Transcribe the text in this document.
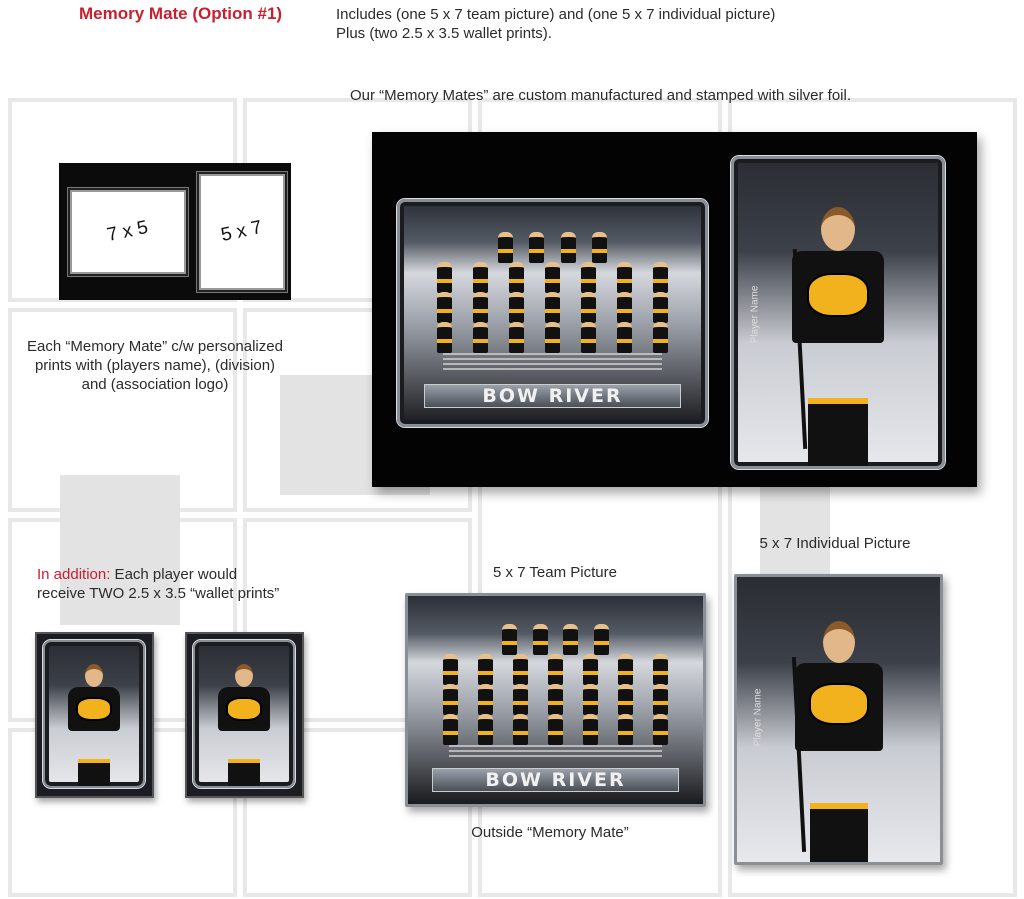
Memory Mate (Option #1)	Includes (one 5 x 7 team picture) and (one 5 x 7 individual picture)
Plus (two 2.5 x 3.5 wallet prints).
Our “Memory Mates” are custom manufactured and stamped with silver foil.
7 x 5	5 x 7
Each “Memory Mate” c/w personalized
prints with (players name), (division)
and (association logo)
In addition: Each player would
receive TWO 2.5 x 3.5 “wallet prints”
BOW RIVER
Player Name
5 x 7 Team Picture
BOW RIVER
Outside “Memory Mate”
5 x 7 Individual Picture
Player Name
